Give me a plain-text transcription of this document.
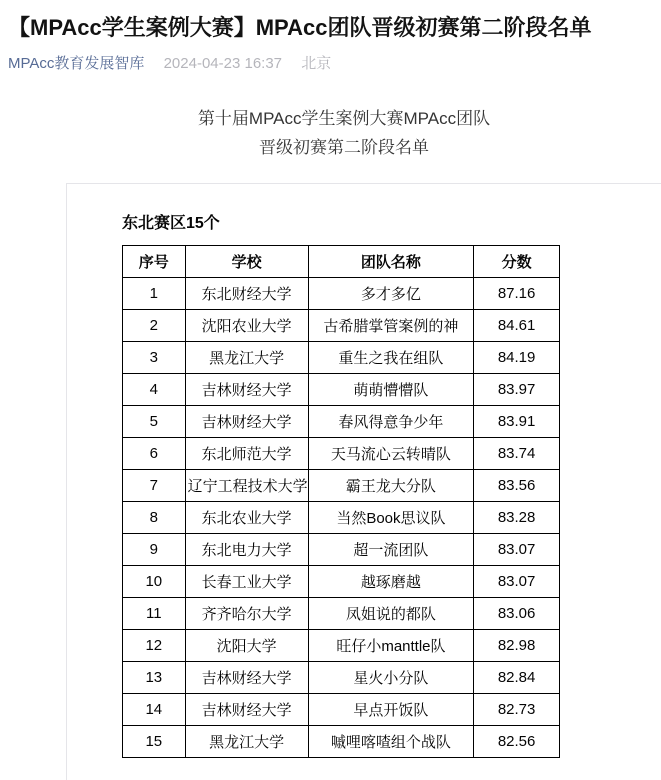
【MPAcc学生案例大赛】MPAcc团队晋级初赛第二阶段名单
MPAcc教育发展智库 2024-04-23 16:37 北京
第十届MPAcc学生案例大赛MPAcc团队
晋级初赛第二阶段名单
东北赛区15个
序号	学校	团队名称	分数
1	东北财经大学	多才多亿	87.16
2	沈阳农业大学	古希腊掌管案例的神	84.61
3	黑龙江大学	重生之我在组队	84.19
4	吉林财经大学	萌萌懵懵队	83.97
5	吉林财经大学	春风得意争少年	83.91
6	东北师范大学	天马流心云转晴队	83.74
7	辽宁工程技术大学	霸王龙大分队	83.56
8	东北农业大学	当然Book思议队	83.28
9	东北电力大学	超一流团队	83.07
10	长春工业大学	越琢磨越	83.07
11	齐齐哈尔大学	凤姐说的都队	83.06
12	沈阳大学	旺仔小manttle队	82.98
13	吉林财经大学	星火小分队	82.84
14	吉林财经大学	早点开饭队	82.73
15	黑龙江大学	嘁哩喀喳组个战队	82.56
